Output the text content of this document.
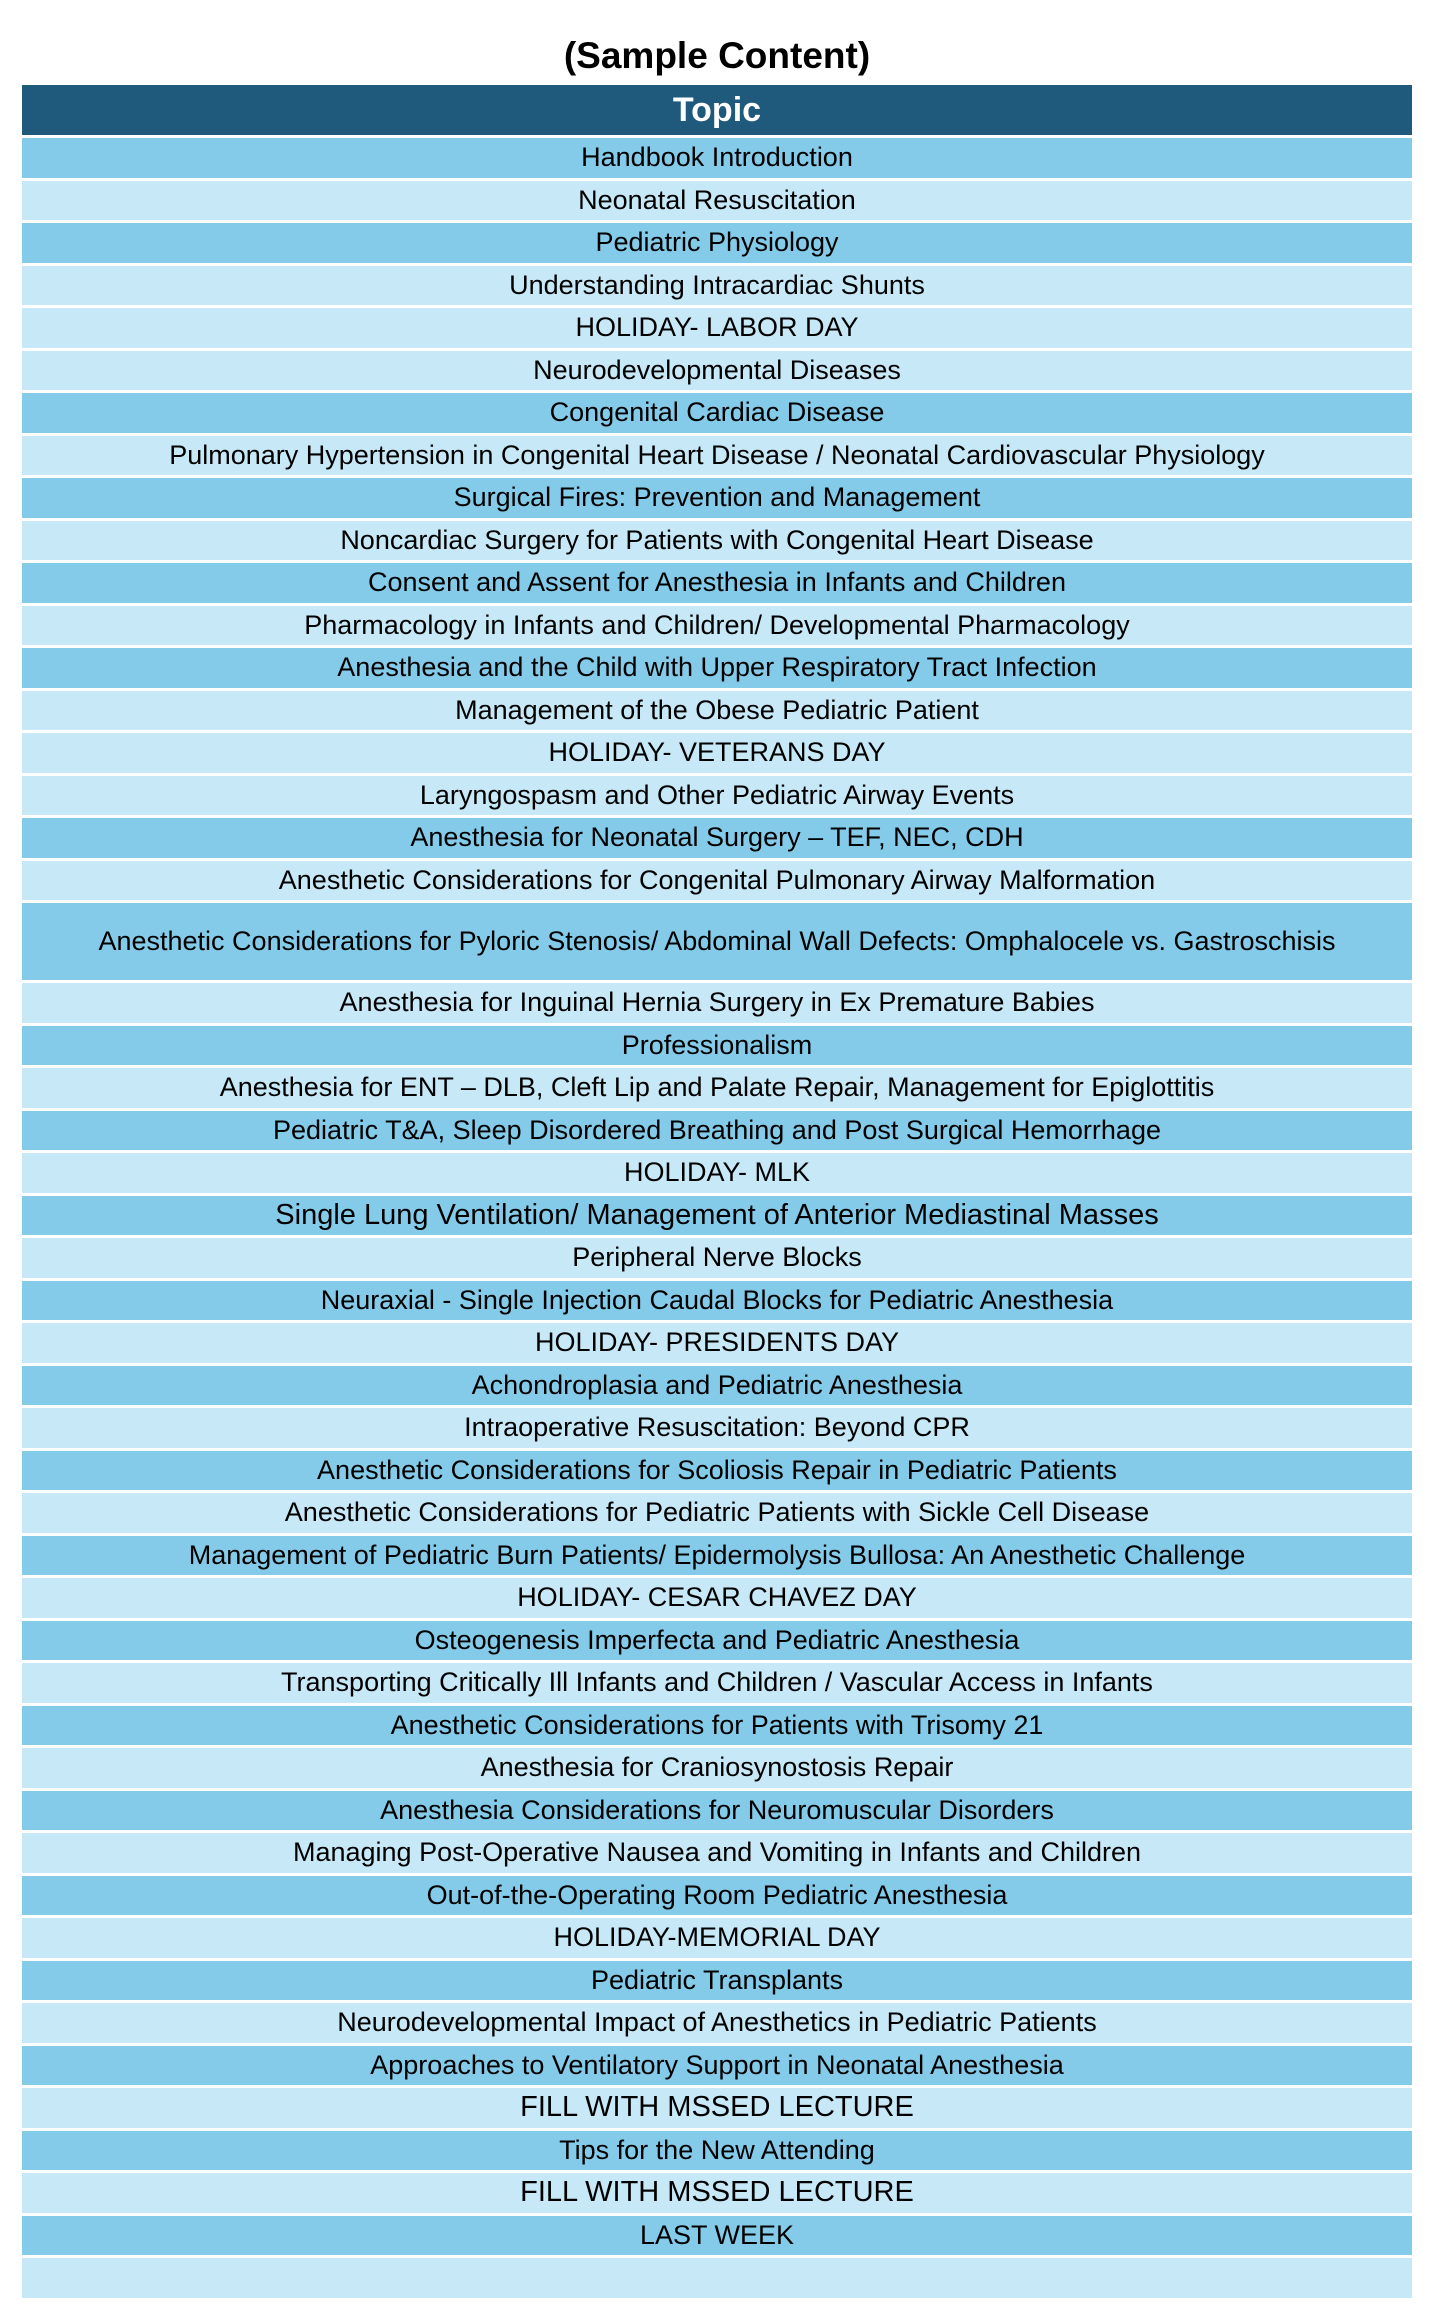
(Sample Content)
Topic
Handbook Introduction
Neonatal Resuscitation
Pediatric Physiology
Understanding Intracardiac Shunts
HOLIDAY- LABOR DAY
Neurodevelopmental Diseases
Congenital Cardiac Disease
Pulmonary Hypertension in Congenital Heart Disease / Neonatal Cardiovascular Physiology
Surgical Fires: Prevention and Management
Noncardiac Surgery for Patients with Congenital Heart Disease
Consent and Assent for Anesthesia in Infants and Children
Pharmacology in Infants and Children/ Developmental Pharmacology
Anesthesia and the Child with Upper Respiratory Tract Infection
Management of the Obese Pediatric Patient
HOLIDAY- VETERANS DAY
Laryngospasm and Other Pediatric Airway Events
Anesthesia for Neonatal Surgery – TEF, NEC, CDH
Anesthetic Considerations for Congenital Pulmonary Airway Malformation
Anesthetic Considerations for Pyloric Stenosis/ Abdominal Wall Defects: Omphalocele vs. Gastroschisis
Anesthesia for Inguinal Hernia Surgery in Ex Premature Babies
Professionalism
Anesthesia for ENT – DLB, Cleft Lip and Palate Repair, Management for Epiglottitis
Pediatric T&A, Sleep Disordered Breathing and Post Surgical Hemorrhage
HOLIDAY- MLK
Single Lung Ventilation/ Management of Anterior Mediastinal Masses
Peripheral Nerve Blocks
Neuraxial - Single Injection Caudal Blocks for Pediatric Anesthesia
HOLIDAY- PRESIDENTS DAY
Achondroplasia and Pediatric Anesthesia
Intraoperative Resuscitation: Beyond CPR
Anesthetic Considerations for Scoliosis Repair in Pediatric Patients
Anesthetic Considerations for Pediatric Patients with Sickle Cell Disease
Management of Pediatric Burn Patients/ Epidermolysis Bullosa: An Anesthetic Challenge
HOLIDAY- CESAR CHAVEZ DAY
Osteogenesis Imperfecta and Pediatric Anesthesia
Transporting Critically Ill Infants and Children / Vascular Access in Infants
Anesthetic Considerations for Patients with Trisomy 21
Anesthesia for Craniosynostosis Repair
Anesthesia Considerations for Neuromuscular Disorders
Managing Post-Operative Nausea and Vomiting in Infants and Children
Out-of-the-Operating Room Pediatric Anesthesia
HOLIDAY-MEMORIAL DAY
Pediatric Transplants
Neurodevelopmental Impact of Anesthetics in Pediatric Patients
Approaches to Ventilatory Support in Neonatal Anesthesia
FILL WITH MSSED LECTURE
Tips for the New Attending
FILL WITH MSSED LECTURE
LAST WEEK
